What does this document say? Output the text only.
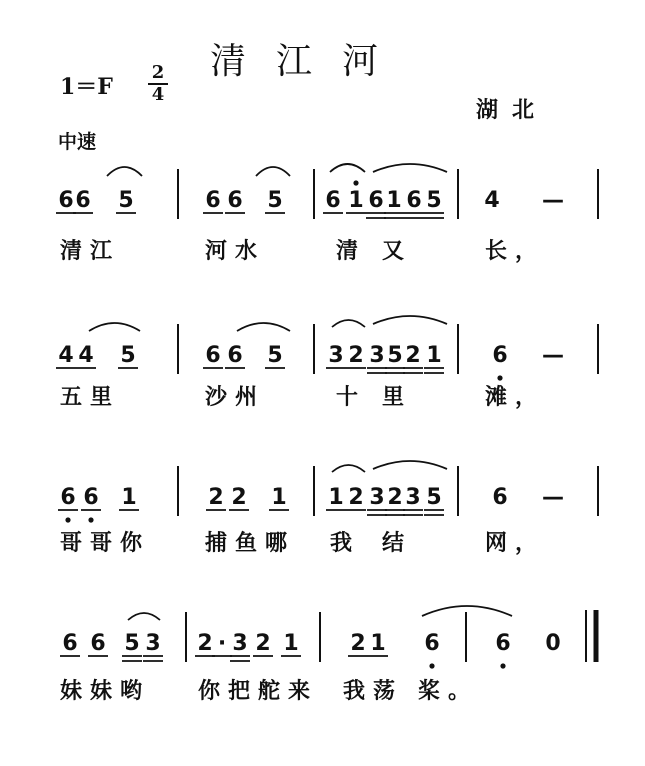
清江河
1＝F
2
4
湖北
中速
6 6 5	6 6 5 6 1 6 1 6 5 4 —
清江	河水	清 又	长，
4 4 5	6 6 5 3 2 3 5 2 1 6 —
五里	沙州	十 里	滩，
6 6 1	2 2 1 1 2 3 2 3 5 6 —
哥哥你 捕鱼哪 我 结	网，
6 6 5 3 2 · 3 2 1 2 1 6	6 0
妹妹哟 你把舵来 我荡 桨。
